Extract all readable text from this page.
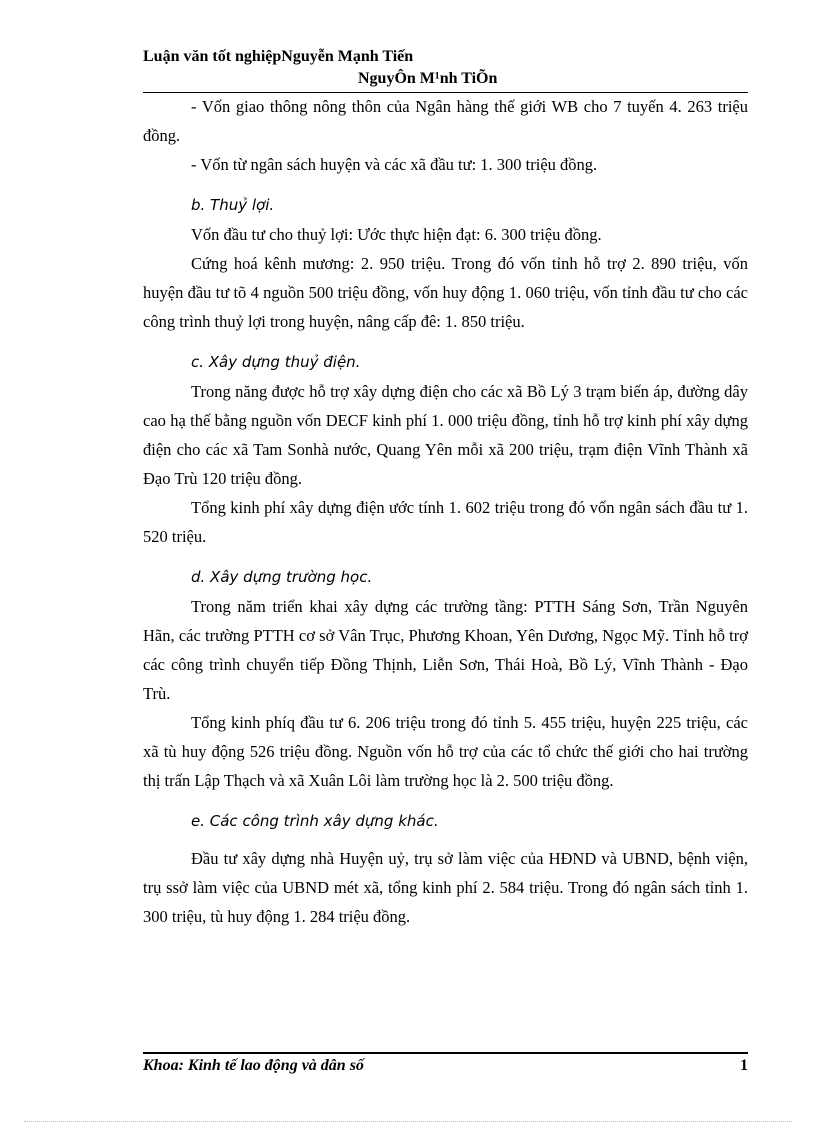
Luận văn tốt nghiệpNguyễn Mạnh Tiến
NguyÔn M¹nh TiÕn

- Vốn giao thông nông thôn của Ngân hàng thế giới WB cho 7 tuyến 4. 263 triệu đồng.

- Vốn từ ngân sách huyện và các xã đầu tư: 1. 300 triệu đồng.

b. Thuỷ lợi.

Vốn đầu tư cho thuỷ lợi: Ước thực hiện đạt: 6. 300 triệu đồng.

Cứng hoá kênh mương: 2. 950 triệu. Trong đó vốn tỉnh hỗ trợ 2. 890 triệu, vốn huyện đầu tư tõ 4 nguồn 500 triệu đồng, vốn huy động 1. 060 triệu, vốn tỉnh đầu tư cho các công trình thuỷ lợi trong huyện, nâng cấp đê: 1. 850 triệu.

c. Xây dựng thuỷ điện.

Trong năng được hỗ trợ xây dựng điện cho các xã Bồ Lý 3 trạm biến áp, đường dây cao hạ thế bằng nguồn vốn DECF kinh phí 1. 000 triệu đồng, tỉnh hỗ trợ kinh phí xây dựng điện cho các xã Tam Sonhà nước, Quang Yên mỗi xã 200 triệu, trạm điện Vĩnh Thành xã Đạo Trù 120 triệu đồng.

Tổng kinh phí xây dựng điện ước tính 1. 602 triệu trong đó vốn ngân sách đầu tư 1. 520 triệu.

d. Xây dựng trường học.

Trong năm triển khai xây dựng các trường tầng: PTTH Sáng Sơn, Trần Nguyên Hãn, các trường PTTH cơ sở Vân Trục, Phương Khoan, Yên Dương, Ngọc Mỹ. Tỉnh hỗ trợ các công trình chuyển tiếp Đồng Thịnh, Liễn Sơn, Thái Hoà, Bồ Lý, Vĩnh Thành - Đạo Trù.

Tổng kinh phíq đầu tư 6. 206 triệu trong đó tỉnh 5. 455 triệu, huyện 225 triệu, các xã tù huy động 526 triệu đồng. Nguồn vốn hỗ trợ của các tổ chức thế giới cho hai trường thị trấn Lập Thạch và xã Xuân Lôi làm trường học là 2. 500 triệu đồng.

e. Các công trình xây dựng khác.

Đầu tư xây dựng nhà Huyện uỷ, trụ sở làm việc của HĐND và UBND, bệnh viện, trụ ssở làm việc của UBND mét xã, tổng kinh phí 2. 584 triệu. Trong đó ngân sách tỉnh 1. 300 triệu, tù huy động 1. 284 triệu đồng.

Khoa: Kinh tế lao động và dân số	1
